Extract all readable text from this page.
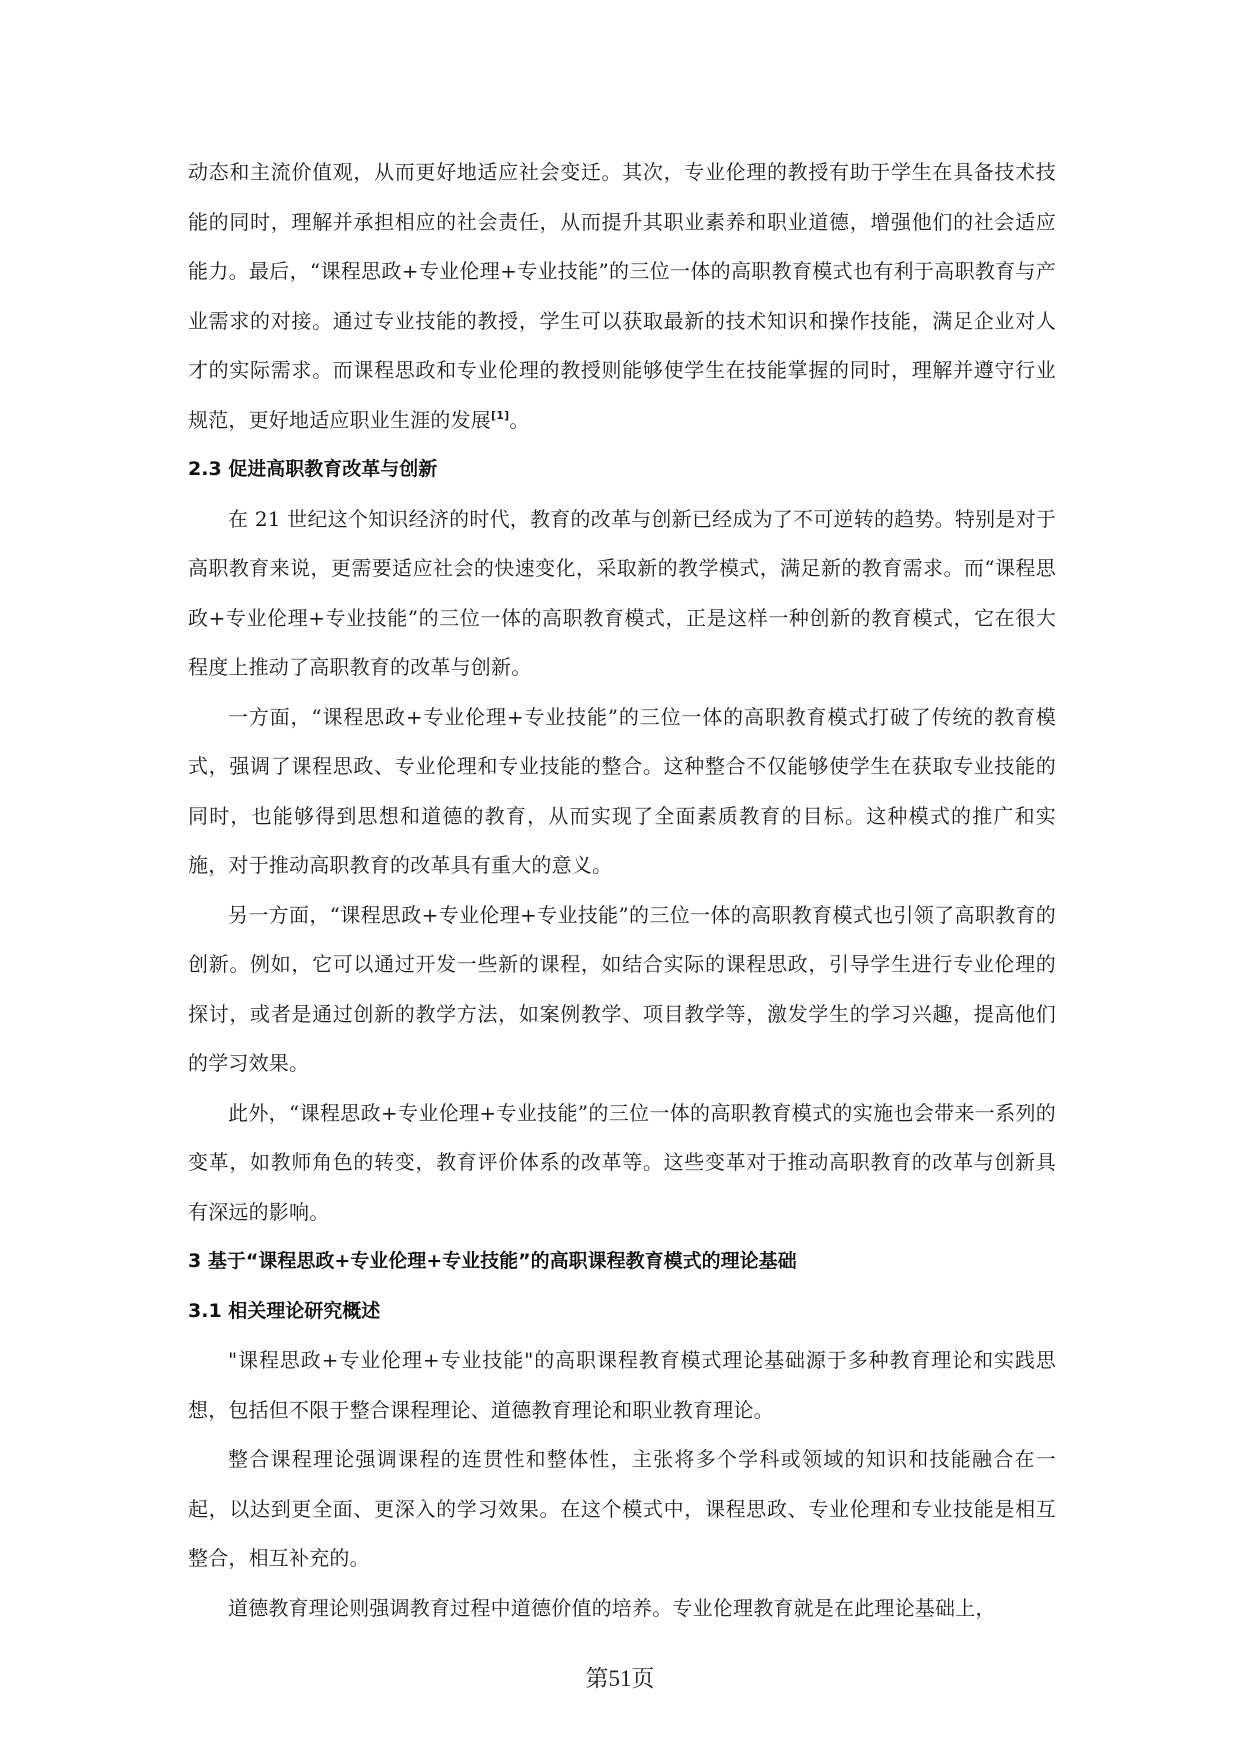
动态和主流价值观，从而更好地适应社会变迁。其次，专业伦理的教授有助于学生在具备技术技能的同时，理解并承担相应的社会责任，从而提升其职业素养和职业道德，增强他们的社会适应能力。最后，“课程思政+专业伦理+专业技能”的三位一体的高职教育模式也有利于高职教育与产业需求的对接。通过专业技能的教授，学生可以获取最新的技术知识和操作技能，满足企业对人才的实际需求。而课程思政和专业伦理的教授则能够使学生在技能掌握的同时，理解并遵守行业规范，更好地适应职业生涯的发展[1]。

2.3 促进高职教育改革与创新

在 21 世纪这个知识经济的时代，教育的改革与创新已经成为了不可逆转的趋势。特别是对于高职教育来说，更需要适应社会的快速变化，采取新的教学模式，满足新的教育需求。而“课程思政+专业伦理+专业技能”的三位一体的高职教育模式，正是这样一种创新的教育模式，它在很大程度上推动了高职教育的改革与创新。

一方面，“课程思政+专业伦理+专业技能”的三位一体的高职教育模式打破了传统的教育模式，强调了课程思政、专业伦理和专业技能的整合。这种整合不仅能够使学生在获取专业技能的同时，也能够得到思想和道德的教育，从而实现了全面素质教育的目标。这种模式的推广和实施，对于推动高职教育的改革具有重大的意义。

另一方面，“课程思政+专业伦理+专业技能”的三位一体的高职教育模式也引领了高职教育的创新。例如，它可以通过开发一些新的课程，如结合实际的课程思政，引导学生进行专业伦理的探讨，或者是通过创新的教学方法，如案例教学、项目教学等，激发学生的学习兴趣，提高他们的学习效果。

此外，“课程思政+专业伦理+专业技能”的三位一体的高职教育模式的实施也会带来一系列的变革，如教师角色的转变，教育评价体系的改革等。这些变革对于推动高职教育的改革与创新具有深远的影响。

3 基于“课程思政+专业伦理+专业技能”的高职课程教育模式的理论基础
3.1 相关理论研究概述

"课程思政+专业伦理+专业技能"的高职课程教育模式理论基础源于多种教育理论和实践思想，包括但不限于整合课程理论、道德教育理论和职业教育理论。

整合课程理论强调课程的连贯性和整体性，主张将多个学科或领域的知识和技能融合在一起，以达到更全面、更深入的学习效果。在这个模式中，课程思政、专业伦理和专业技能是相互整合，相互补充的。

道德教育理论则强调教育过程中道德价值的培养。专业伦理教育就是在此理论基础上，

第51页
